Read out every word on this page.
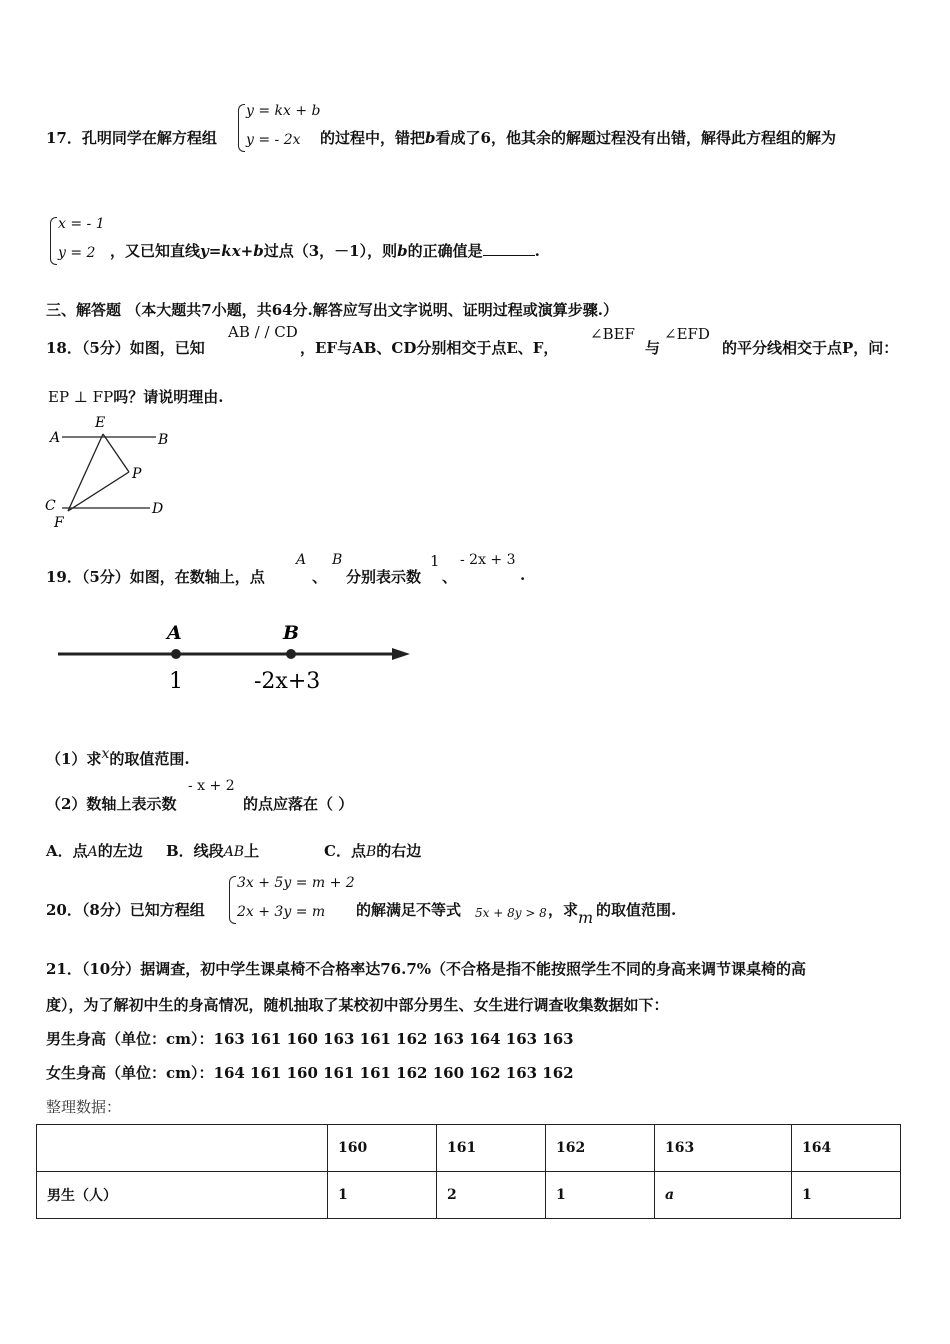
17．孔明同学在解方程组
y = kx + b
y = - 2x 的过程中，错把b看成了6，他其余的解题过程没有出错，解得此方程组的解为
x = - 1
y = 2 ，又已知直线y=kx+b过点（3，－1），则b的正确值是	.
三、解答题 （本大题共7小题，共64分.解答应写出文字说明、证明过程或演算步骤.）
18．（5分）如图，已知
AB / / CD
，EF与AB、CD分别相交于点E、F，
∠BEF
与
∠EFD
的平分线相交于点P，问：
EP ⊥ FP吗？请说明理由.
A	B
E
P
C
F
D
19．（5分）如图，在数轴上，点
A
、
B
分别表示数
1
、
- 2x + 3
.
A	B
1	-2x+3
（1）求x的取值范围.
（2）数轴上表示数
- x + 2
的点应落在（ ）
A．点A的左边 B．线段AB上	C．点B的右边
20．（8分）已知方程组
3x + 5y = m + 2
2x + 3y = m 的解满足不等式 5x + 8y > 8 ，求 m 的取值范围.
21．（10分）据调查，初中学生课桌椅不合格率达76.7%（不合格是指不能按照学生不同的身高来调节课桌椅的高
度），为了解初中生的身高情况，随机抽取了某校初中部分男生、女生进行调查收集数据如下：
男生身高（单位：cm）：163 161 160 163 161 162 163 164 163 163
女生身高（单位：cm）：164 161 160 161 161 162 160 162 163 162
整理数据：
	160	161	162	163	164
男生（人）	1	2	1	a	1
